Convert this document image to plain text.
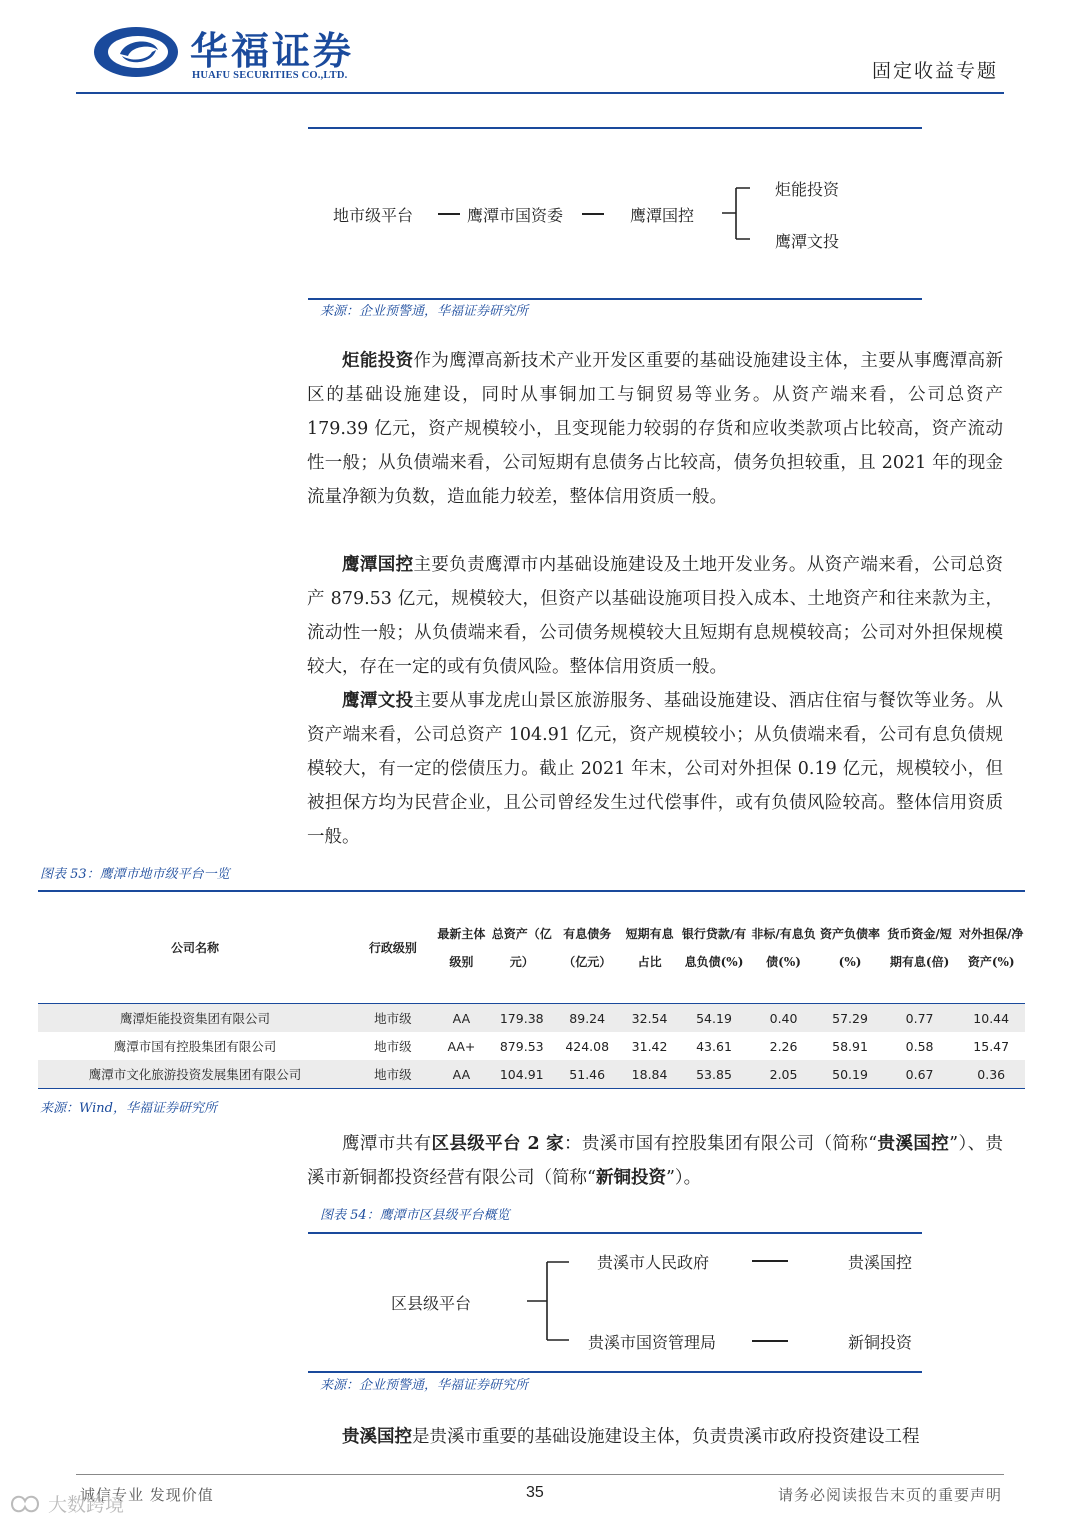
华福证券
HUAFU SECURITIES CO.,LTD.	固定收益专题
地市级平台	鹰潭市国资委	鹰潭国控
炬能投资
鹰潭文投
来源：企业预警通，华福证券研究所

炬能投资作为鹰潭高新技术产业开发区重要的基础设施建设主体，主要从事鹰潭高新区的基础设施建设，同时从事铜加工与铜贸易等业务。从资产端来看，公司总资产 179.39 亿元，资产规模较小，且变现能力较弱的存货和应收类款项占比较高，资产流动性一般；从负债端来看，公司短期有息债务占比较高，债务负担较重，且 2021 年的现金流量净额为负数，造血能力较差，整体信用资质一般。

鹰潭国控主要负责鹰潭市内基础设施建设及土地开发业务。从资产端来看，公司总资产 879.53 亿元，规模较大，但资产以基础设施项目投入成本、土地资产和往来款为主，流动性一般；从负债端来看，公司债务规模较大且短期有息规模较高；公司对外担保规模较大，存在一定的或有负债风险。整体信用资质一般。

鹰潭文投主要从事龙虎山景区旅游服务、基础设施建设、酒店住宿与餐饮等业务。从资产端来看，公司总资产 104.91 亿元，资产规模较小；从负债端来看，公司有息负债规模较大，有一定的偿债压力。截止 2021 年末，公司对外担保 0.19 亿元，规模较小，但被担保方均为民营企业，且公司曾经发生过代偿事件，或有负债风险较高。整体信用资质一般。

图表 53：鹰潭市地市级平台一览
公司名称	行政级别	最新主体级别	总资产（亿元）	有息债务（亿元）	短期有息占比	银行贷款/有息负债(%)	非标/有息负债(%)	资产负债率(%)	货币资金/短期有息(倍)	对外担保/净资产(%)
鹰潭炬能投资集团有限公司	地市级	AA	179.38	89.24	32.54	54.19	0.40	57.29	0.77	10.44
鹰潭市国有控股集团有限公司	地市级	AA+	879.53	424.08	31.42	43.61	2.26	58.91	0.58	15.47
鹰潭市文化旅游投资发展集团有限公司	地市级	AA	104.91	51.46	18.84	53.85	2.05	50.19	0.67	0.36
来源：Wind，华福证券研究所

鹰潭市共有区县级平台 2 家：贵溪市国有控股集团有限公司（简称“贵溪国控”）、贵溪市新铜都投资经营有限公司（简称“新铜投资”）。

图表 54：鹰潭市区县级平台概览
区县级平台
贵溪市人民政府	贵溪国控
贵溪市国资管理局	新铜投资
来源：企业预警通，华福证券研究所

贵溪国控是贵溪市重要的基础设施建设主体，负责贵溪市政府投资建设工程

诚信专业 发现价值	35	请务必阅读报告末页的重要声明
大数跨境
